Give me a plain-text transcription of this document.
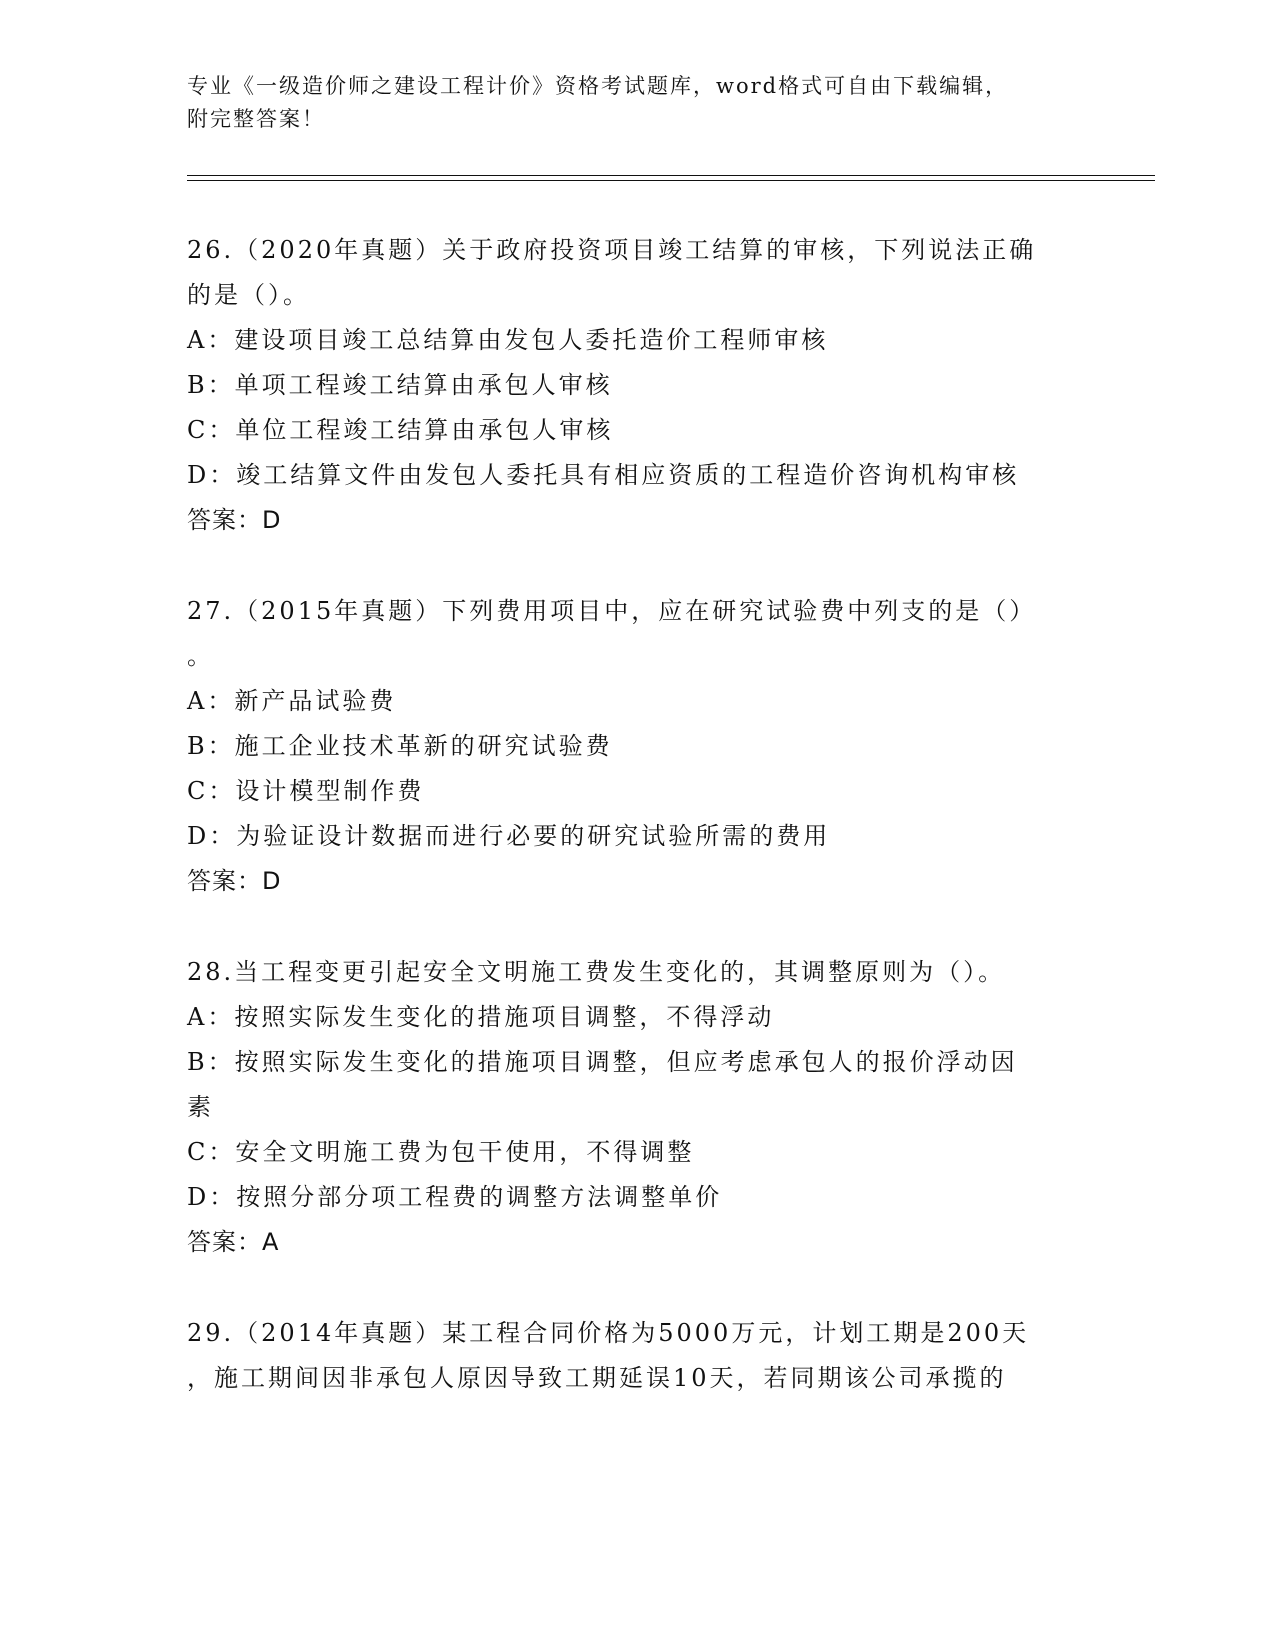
专业《一级造价师之建设工程计价》资格考试题库，word格式可自由下载编辑，
附完整答案！
26.（2020年真题）关于政府投资项目竣工结算的审核，下列说法正确
的是（）。
A：建设项目竣工总结算由发包人委托造价工程师审核
B：单项工程竣工结算由承包人审核
C：单位工程竣工结算由承包人审核
D：竣工结算文件由发包人委托具有相应资质的工程造价咨询机构审核
答案：D
27.（2015年真题）下列费用项目中，应在研究试验费中列支的是（）
。
A：新产品试验费
B：施工企业技术革新的研究试验费
C：设计模型制作费
D：为验证设计数据而进行必要的研究试验所需的费用
答案：D
28.当工程变更引起安全文明施工费发生变化的，其调整原则为（）。
A：按照实际发生变化的措施项目调整，不得浮动
B：按照实际发生变化的措施项目调整，但应考虑承包人的报价浮动因
素
C：安全文明施工费为包干使用，不得调整
D：按照分部分项工程费的调整方法调整单价
答案：A
29.（2014年真题）某工程合同价格为5000万元，计划工期是200天
，施工期间因非承包人原因导致工期延误10天，若同期该公司承揽的
